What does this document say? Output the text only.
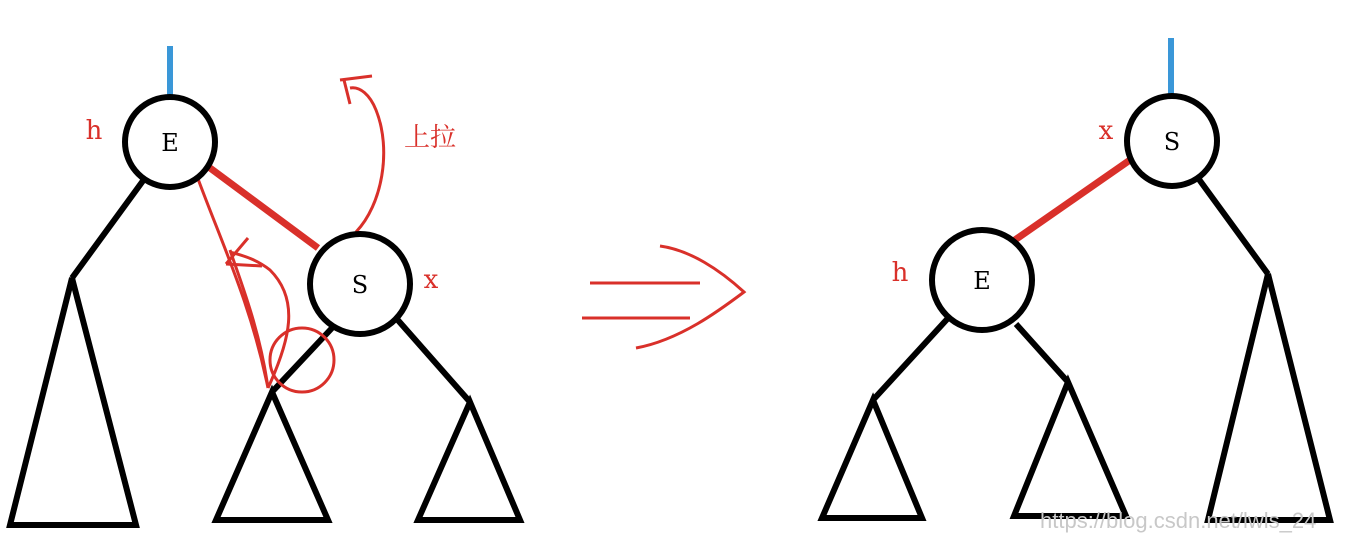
E
h
S x
上拉	S
x
E
h
https://blog.csdn.net/lwls_24
